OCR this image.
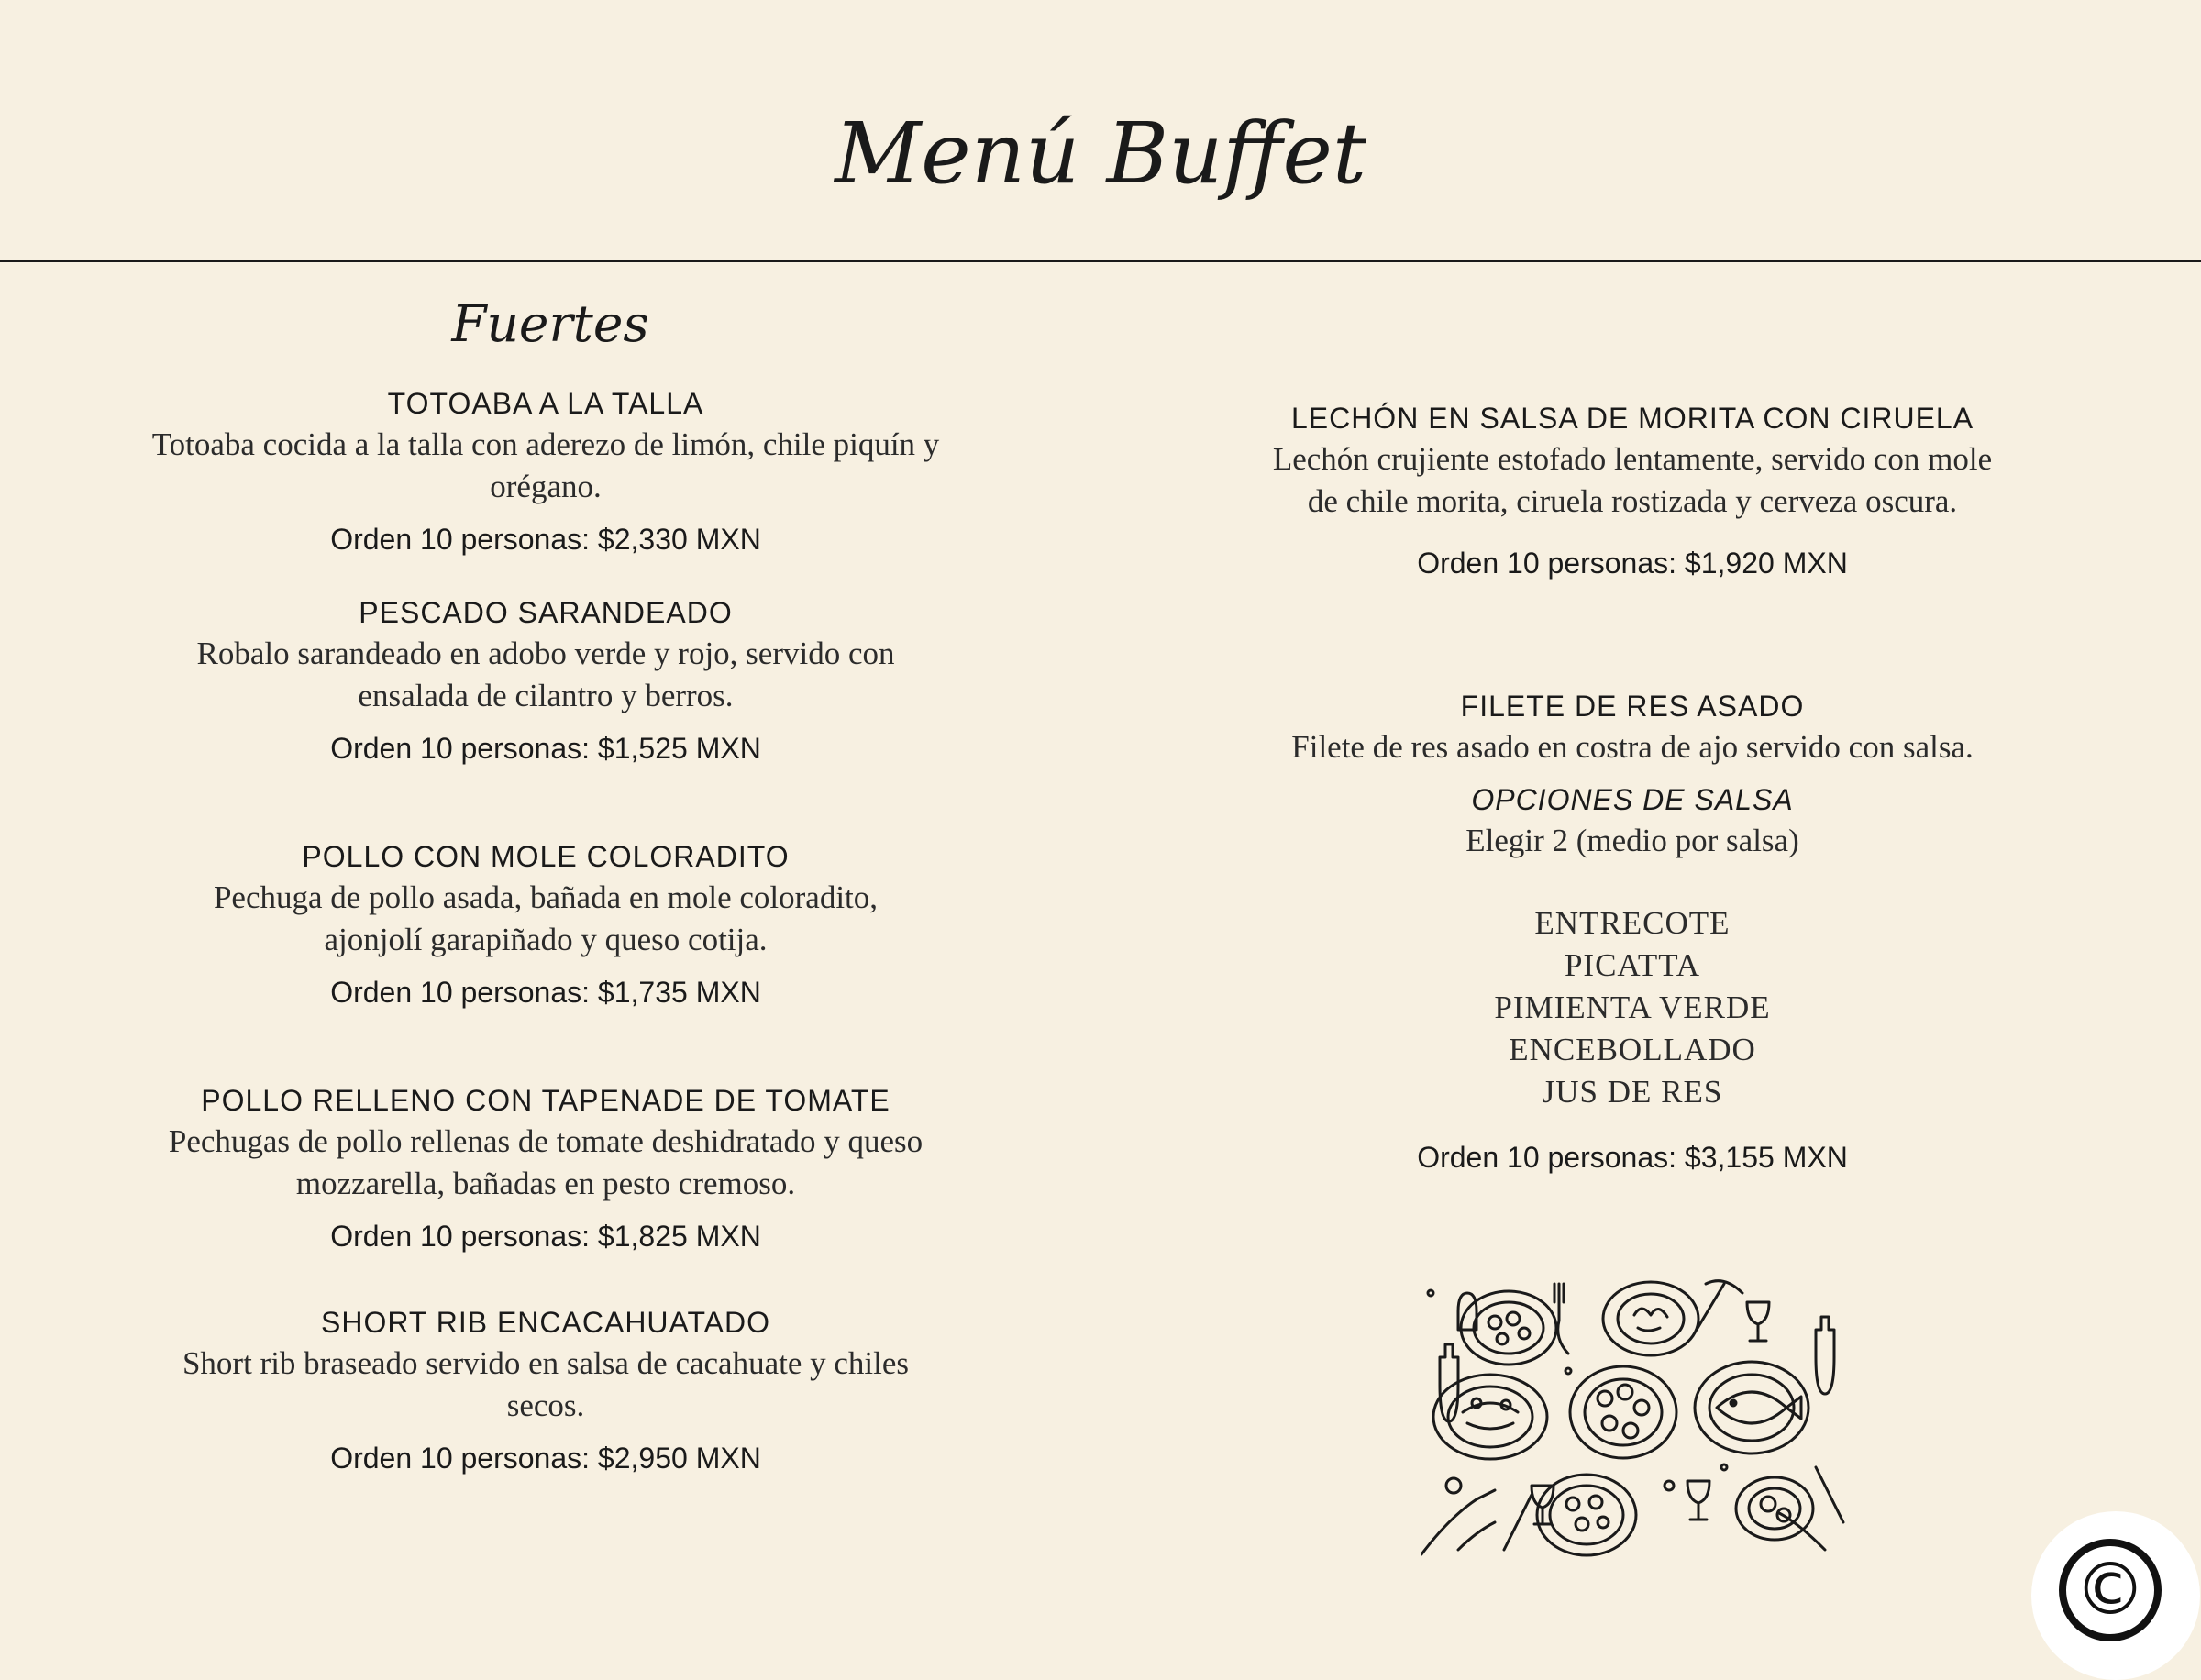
Menú Buffet
Fuertes
TOTOABA A LA TALLA
Totoaba cocida a la talla con aderezo de limón, chile piquín y orégano.
Orden 10 personas: $2,330 MXN
PESCADO SARANDEADO
Robalo sarandeado en adobo verde y rojo, servido con ensalada de cilantro y berros.
Orden 10 personas: $1,525 MXN
POLLO CON MOLE COLORADITO
Pechuga de pollo asada, bañada en mole coloradito, ajonjolí garapiñado y queso cotija.
Orden 10 personas: $1,735 MXN
POLLO RELLENO CON TAPENADE DE TOMATE
Pechugas de pollo rellenas de tomate deshidratado y queso mozzarella, bañadas en pesto cremoso.
Orden 10 personas: $1,825 MXN
SHORT RIB ENCACAHUATADO
Short rib braseado servido en salsa de cacahuate y chiles secos.
Orden 10 personas: $2,950 MXN
LECHÓN EN SALSA DE MORITA CON CIRUELA
Lechón crujiente estofado lentamente, servido con mole de chile morita, ciruela rostizada y cerveza oscura.
Orden 10 personas: $1,920 MXN
FILETE DE RES ASADO
Filete de res asado en costra de ajo servido con salsa.
OPCIONES DE SALSA
Elegir 2 (medio por salsa)
ENTRECOTE
PICATTA
PIMIENTA VERDE
ENCEBOLLADO
JUS DE RES
Orden 10 personas: $3,155 MXN
©
